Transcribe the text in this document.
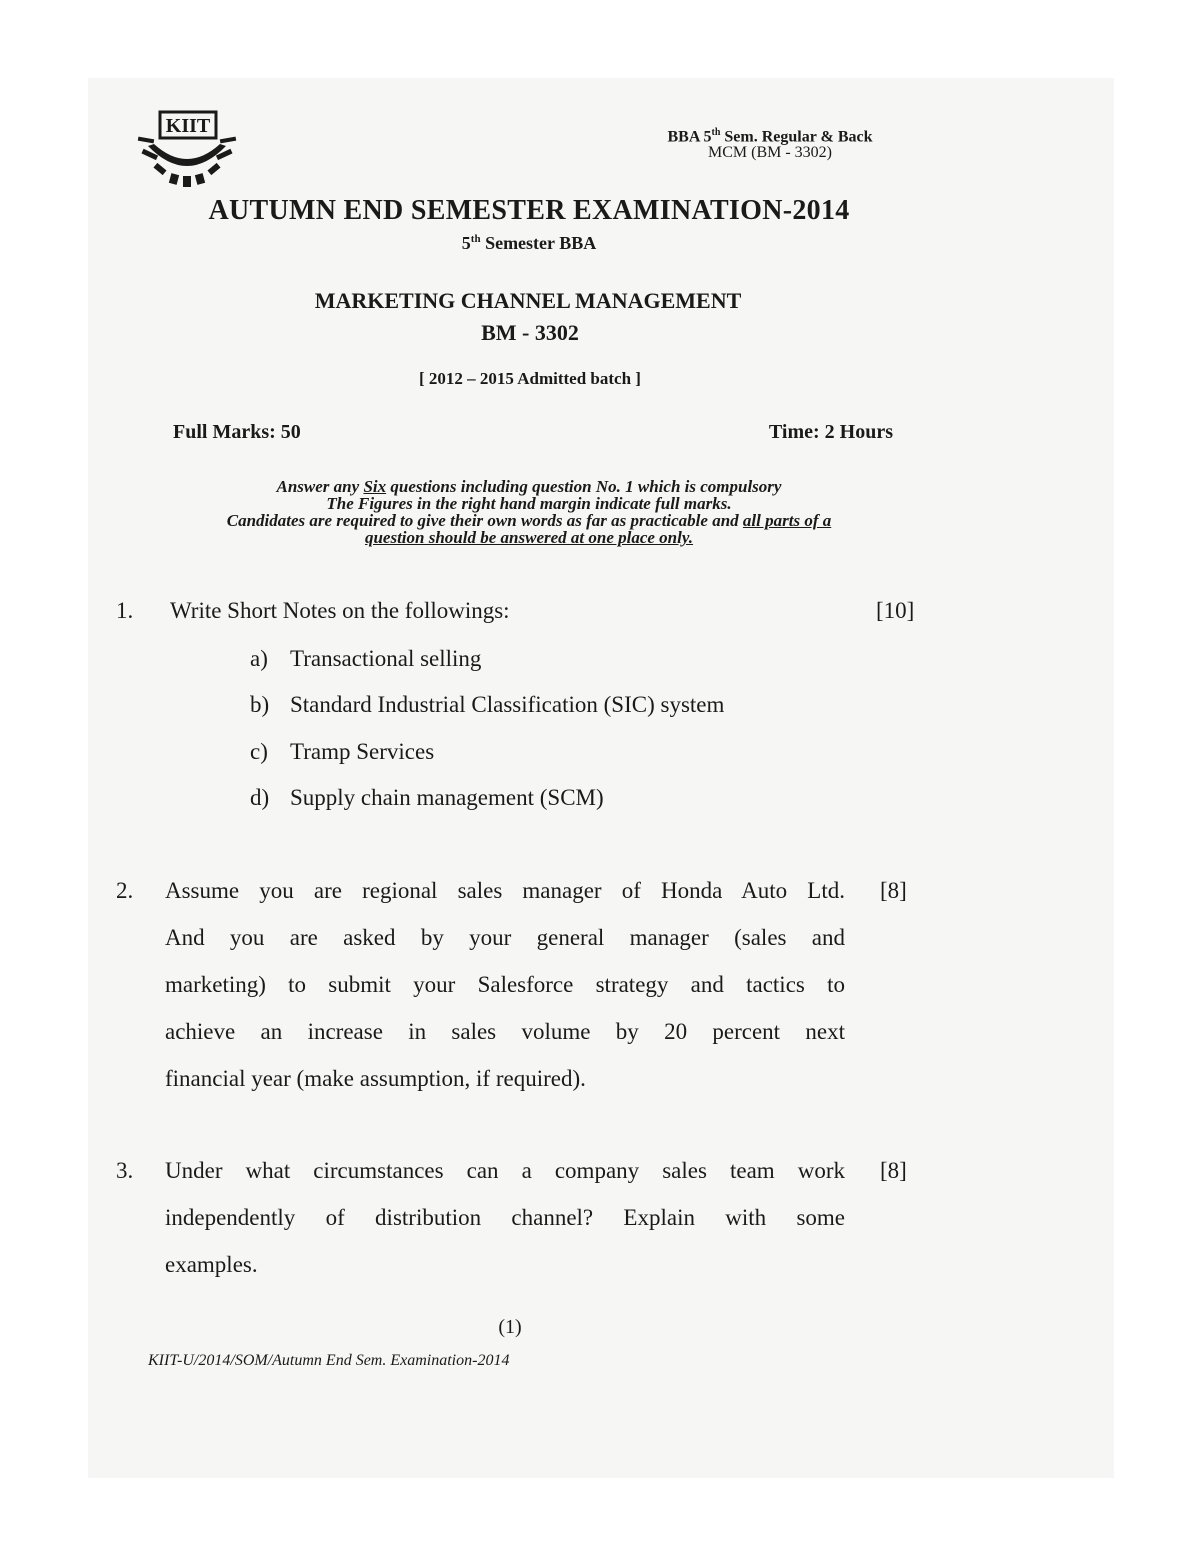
KIIT	BBA 5th Sem. Regular & Back
MCM (BM - 3302)
AUTUMN END SEMESTER EXAMINATION-2014
5th Semester BBA
MARKETING CHANNEL MANAGEMENT
BM - 3302
[ 2012 – 2015 Admitted batch ]
Full Marks: 50	Time: 2 Hours
Answer any Six questions including question No. 1 which is compulsory
The Figures in the right hand margin indicate full marks.
Candidates are required to give their own words as far as practicable and all parts of a
question should be answered at one place only.
1. Write Short Notes on the followings:	[10]
a) Transactional selling
b) Standard Industrial Classification (SIC) system
c) Tramp Services
d) Supply chain management (SCM)
2. Assume you are regional sales manager of Honda Auto Ltd.
And you are asked by your general manager (sales and
marketing) to submit your Salesforce strategy and tactics to
achieve an increase in sales volume by 20 percent next
financial year (make assumption, if required).
[8]
3. Under what circumstances can a company sales team work
independently of distribution channel? Explain with some
examples.
[8]
(1)
KIIT-U/2014/SOM/Autumn End Sem. Examination-2014
